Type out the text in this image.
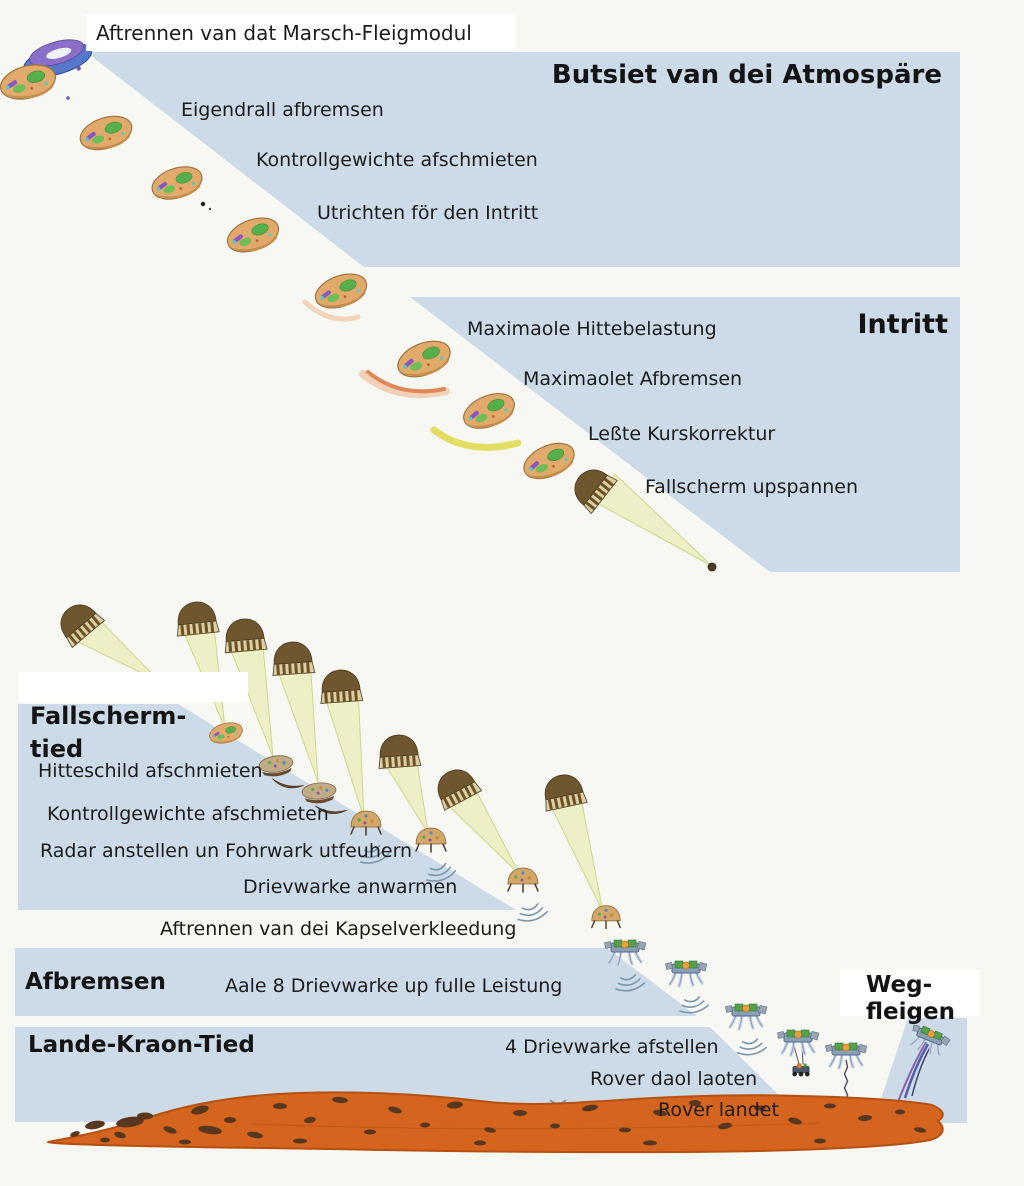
Aftrennen van dat Marsch-Fleigmodul
Butsiet van dei Atmospäre
Eigendrall afbremsen
Kontrollgewichte afschmieten
Utrichten för den Intritt
Intritt
Maximaole Hittebelastung
Maximaolet Afbremsen
Leßte Kurskorrektur
Fallscherm upspannen
Fallscherm-
tied
Hitteschild afschmieten
Kontrollgewichte afschmieten
Radar anstellen un Fohrwark utfeuhern
Drievwarke anwarmen
Aftrennen van dei Kapselverkleedung
Afbremsen	Aale 8 Drievwarke up fulle Leistung
Lande-Kraon-Tied	4 Drievwarke afstellen
Rover daol laoten
Rover landet
Weg-
fleigen
